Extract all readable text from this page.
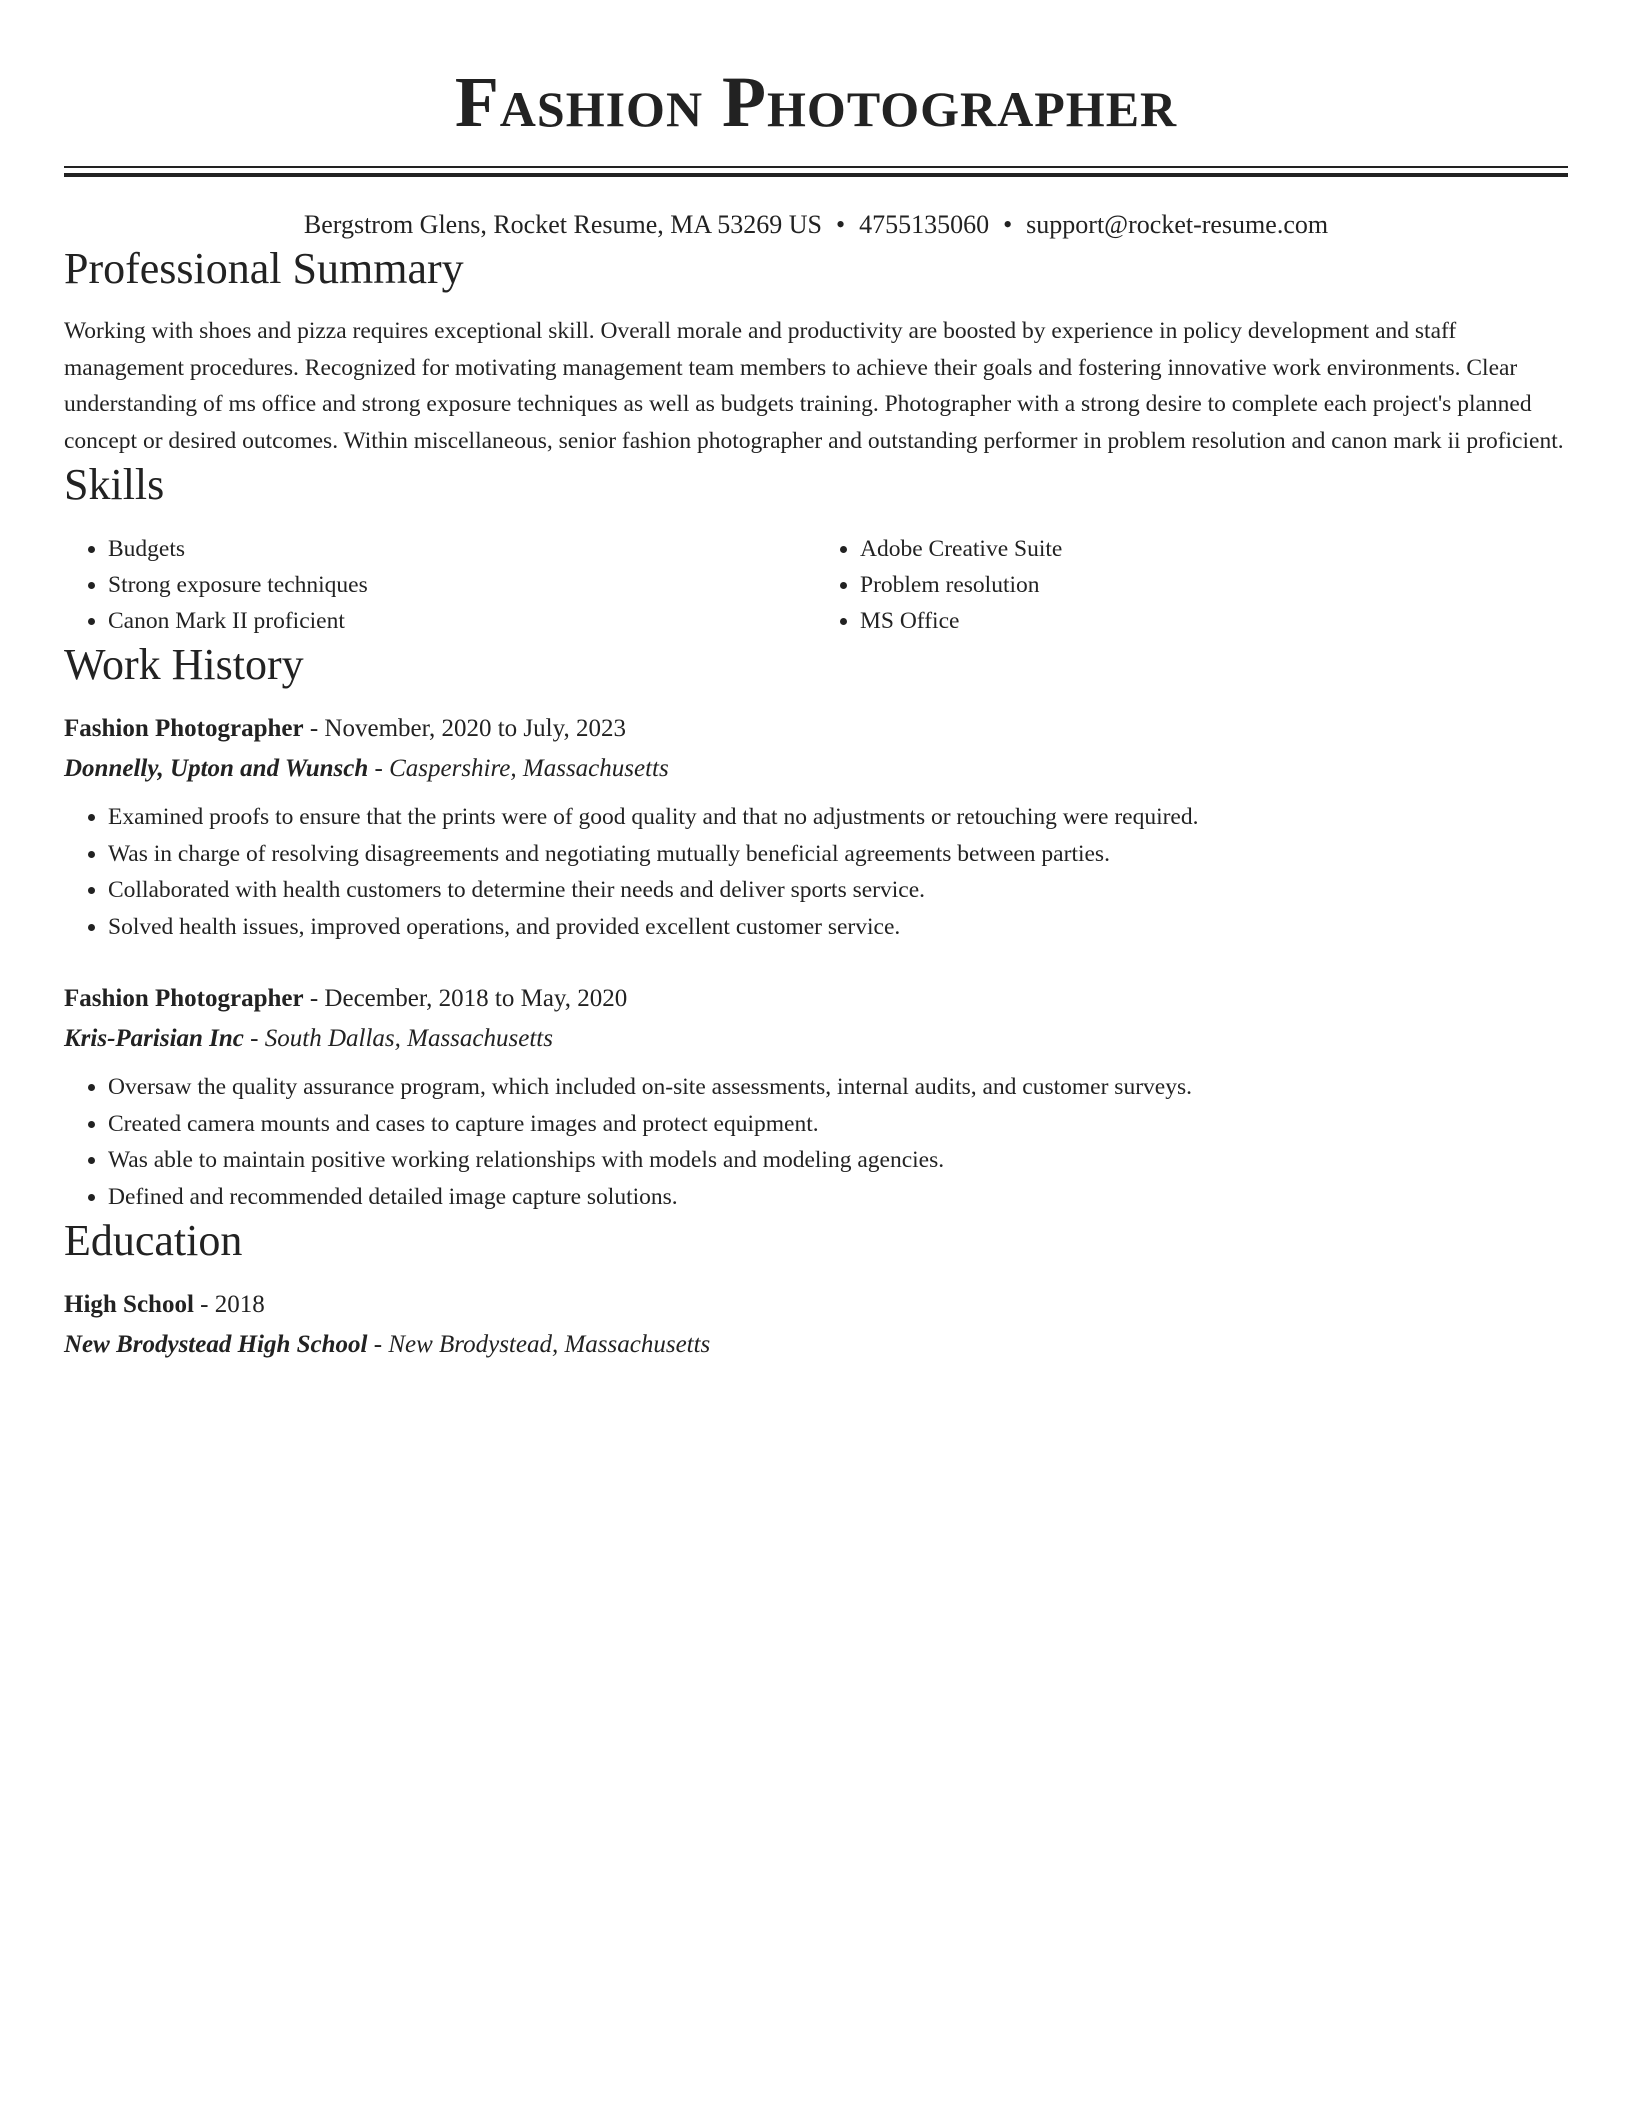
Fashion Photographer
Bergstrom Glens, Rocket Resume, MA 53269 US • 4755135060 • support@rocket-resume.com
Professional Summary

Working with shoes and pizza requires exceptional skill. Overall morale and productivity are boosted by experience in policy development and staff management procedures. Recognized for motivating management team members to achieve their goals and fostering innovative work environments. Clear understanding of ms office and strong exposure techniques as well as budgets training. Photographer with a strong desire to complete each project's planned concept or desired outcomes. Within miscellaneous, senior fashion photographer and outstanding performer in problem resolution and canon mark ii proficient.

Skills
• Budgets
• Strong exposure techniques
• Canon Mark II proficient
• Adobe Creative Suite
• Problem resolution
• MS Office
Work History
Fashion Photographer - November, 2020 to July, 2023
Donnelly, Upton and Wunsch - Caspershire, Massachusetts
• Examined proofs to ensure that the prints were of good quality and that no adjustments or retouching were required.
• Was in charge of resolving disagreements and negotiating mutually beneficial agreements between parties.
• Collaborated with health customers to determine their needs and deliver sports service.
• Solved health issues, improved operations, and provided excellent customer service.
Fashion Photographer - December, 2018 to May, 2020
Kris-Parisian Inc - South Dallas, Massachusetts
• Oversaw the quality assurance program, which included on-site assessments, internal audits, and customer surveys.
• Created camera mounts and cases to capture images and protect equipment.
• Was able to maintain positive working relationships with models and modeling agencies.
• Defined and recommended detailed image capture solutions.
Education
High School - 2018
New Brodystead High School - New Brodystead, Massachusetts
